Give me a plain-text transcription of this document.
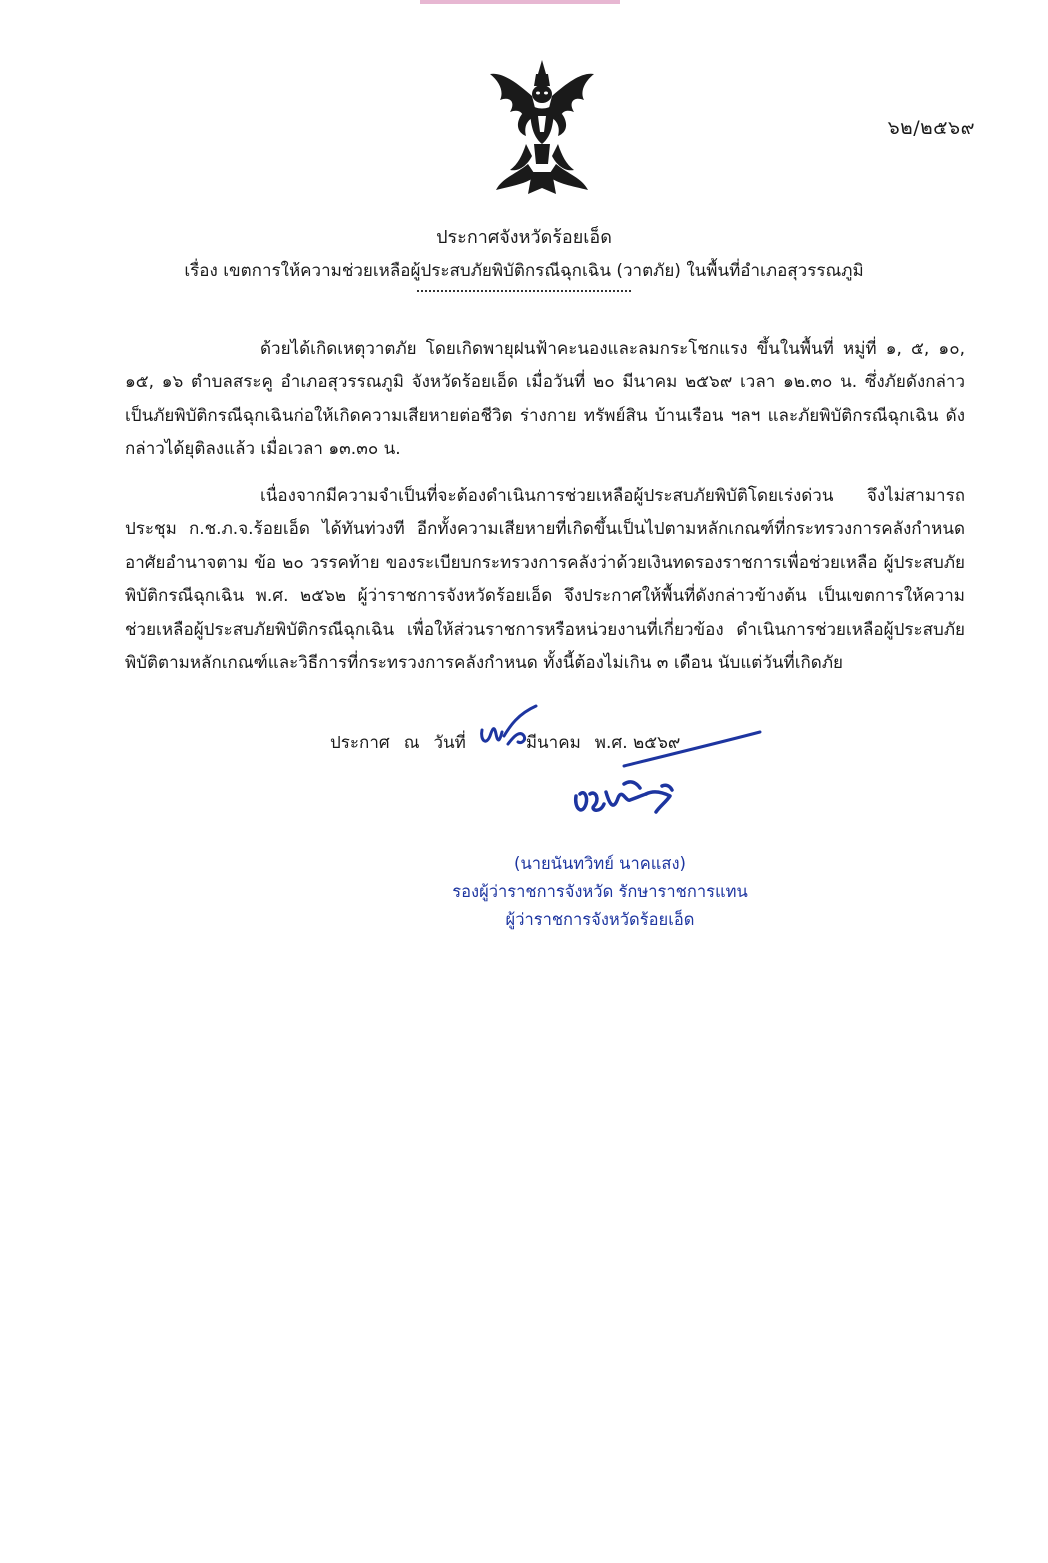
๖๒/๒๕๖๙

ประกาศจังหวัดร้อยเอ็ด

เรื่อง เขตการให้ความช่วยเหลือผู้ประสบภัยพิบัติกรณีฉุกเฉิน (วาตภัย) ในพื้นที่อำเภอสุวรรณภูมิ

ด้วยได้เกิดเหตุวาตภัย โดยเกิดพายุฝนฟ้าคะนองและลมกระโชกแรง ขึ้นในพื้นที่ หมู่ที่ ๑, ๕, ๑๐, ๑๕, ๑๖ ตำบลสระคู อำเภอสุวรรณภูมิ จังหวัดร้อยเอ็ด เมื่อวันที่ ๒๐ มีนาคม ๒๕๖๙ เวลา ๑๒.๓๐ น. ซึ่งภัยดังกล่าว เป็นภัยพิบัติกรณีฉุกเฉินก่อให้เกิดความเสียหายต่อชีวิต ร่างกาย ทรัพย์สิน บ้านเรือน ฯลฯ และภัยพิบัติกรณีฉุกเฉิน ดังกล่าวได้ยุติลงแล้ว เมื่อเวลา ๑๓.๓๐ น.

เนื่องจากมีความจำเป็นที่จะต้องดำเนินการช่วยเหลือผู้ประสบภัยพิบัติโดยเร่งด่วน จึงไม่สามารถ ประชุม ก.ช.ภ.จ.ร้อยเอ็ด ได้ทันท่วงที อีกทั้งความเสียหายที่เกิดขึ้นเป็นไปตามหลักเกณฑ์ที่กระทรวงการคลังกำหนด อาศัยอำนาจตาม ข้อ ๒๐ วรรคท้าย ของระเบียบกระทรวงการคลังว่าด้วยเงินทดรองราชการเพื่อช่วยเหลือ ผู้ประสบภัยพิบัติกรณีฉุกเฉิน พ.ศ. ๒๕๖๒ ผู้ว่าราชการจังหวัดร้อยเอ็ด จึงประกาศให้พื้นที่ดังกล่าวข้างต้น เป็นเขตการให้ความช่วยเหลือผู้ประสบภัยพิบัติกรณีฉุกเฉิน เพื่อให้ส่วนราชการหรือหน่วยงานที่เกี่ยวข้อง ดำเนินการช่วยเหลือผู้ประสบภัยพิบัติตามหลักเกณฑ์และวิธีการที่กระทรวงการคลังกำหนด ทั้งนี้ต้องไม่เกิน ๓ เดือน นับแต่วันที่เกิดภัย

ประกาศ ณ วันที่	มีนาคม พ.ศ. ๒๕๖๙
(นายนันทวิทย์ นาคแสง)
รองผู้ว่าราชการจังหวัด รักษาราชการแทน
ผู้ว่าราชการจังหวัดร้อยเอ็ด
